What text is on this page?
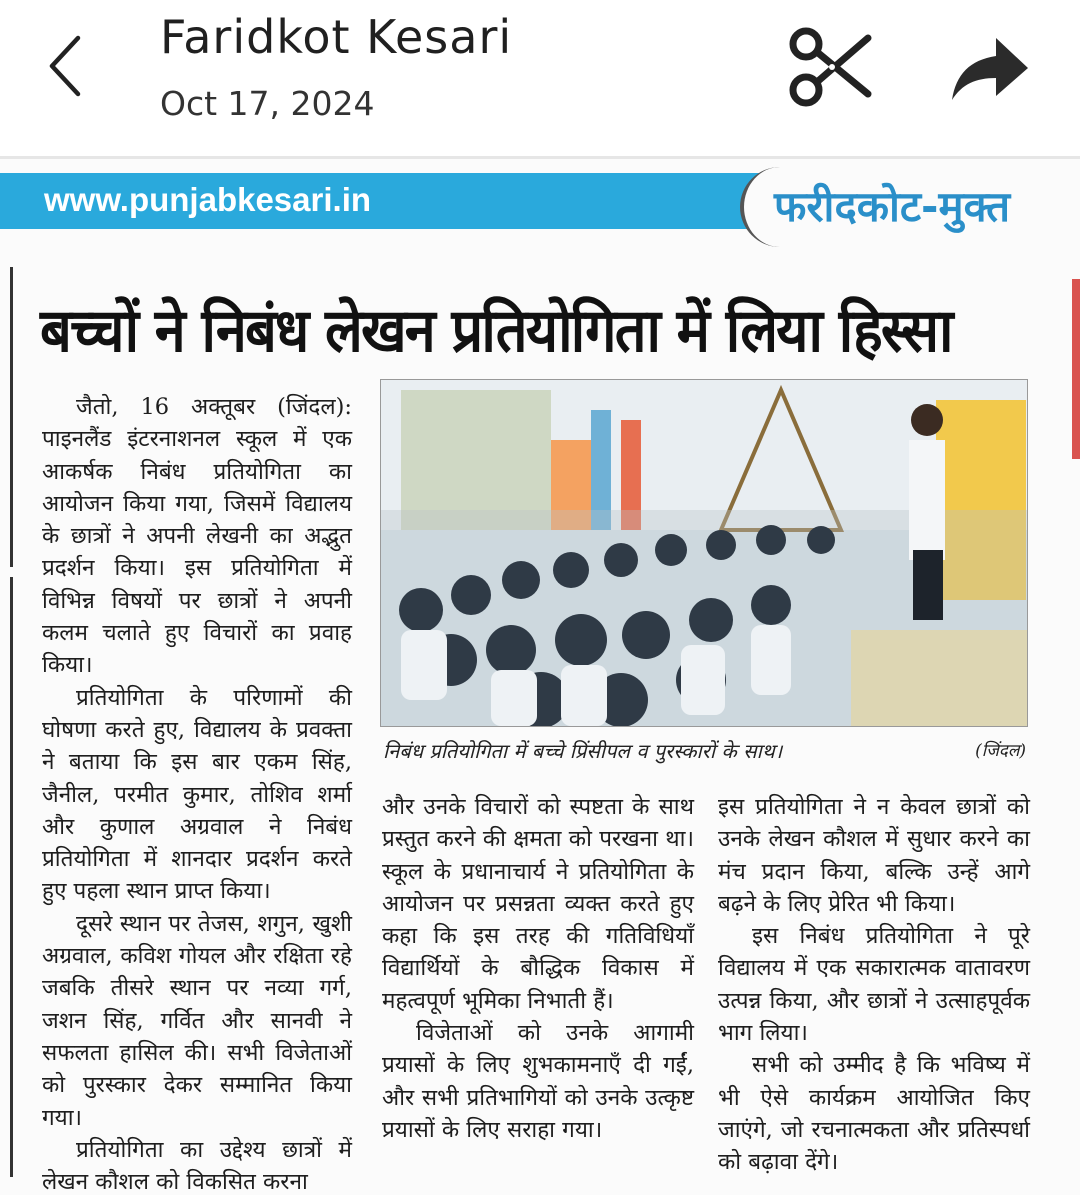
Faridkot Kesari
Oct 17, 2024
www.punjabkesari.in	फरीदकोट-मुक्त
बच्चों ने निबंध लेखन प्रतियोगिता में लिया हिस्सा

जैतो, 16 अक्तूबर (जिंदल): पाइनलैंड इंटरनाशनल स्कूल में एक आकर्षक निबंध प्रतियोगिता का आयोजन किया गया, जिसमें विद्यालय के छात्रों ने अपनी लेखनी का अद्भुत प्रदर्शन किया। इस प्रतियोगिता में विभिन्न विषयों पर छात्रों ने अपनी कलम चलाते हुए विचारों का प्रवाह किया।

प्रतियोगिता के परिणामों की घोषणा करते हुए, विद्यालय के प्रवक्ता ने बताया कि इस बार एकम सिंह, जैनील, परमीत कुमार, तोशिव शर्मा और कुणाल अग्रवाल ने निबंध प्रतियोगिता में शानदार प्रदर्शन करते हुए पहला स्थान प्राप्त किया।

दूसरे स्थान पर तेजस, शगुन, खुशी अग्रवाल, कविश गोयल और रक्षिता रहे जबकि तीसरे स्थान पर नव्या गर्ग, जशन सिंह, गर्वित और सानवी ने सफलता हासिल की। सभी विजेताओं को पुरस्कार देकर सम्मानित किया गया।

प्रतियोगिता का उद्देश्य छात्रों में लेखन कौशल को विकसित करना

निबंध प्रतियोगिता में बच्चे प्रिंसीपल व पुरस्कारों के साथ।	(जिंदल)

और उनके विचारों को स्पष्टता के साथ प्रस्तुत करने की क्षमता को परखना था। स्कूल के प्रधानाचार्य ने प्रतियोगिता के आयोजन पर प्रसन्नता व्यक्त करते हुए कहा कि इस तरह की गतिविधियाँ विद्यार्थियों के बौद्धिक विकास में महत्वपूर्ण भूमिका निभाती हैं।

विजेताओं को उनके आगामी प्रयासों के लिए शुभकामनाएँ दी गईं, और सभी प्रतिभागियों को उनके उत्कृष्ट प्रयासों के लिए सराहा गया।

इस प्रतियोगिता ने न केवल छात्रों को उनके लेखन कौशल में सुधार करने का मंच प्रदान किया, बल्कि उन्हें आगे बढ़ने के लिए प्रेरित भी किया।

इस निबंध प्रतियोगिता ने पूरे विद्यालय में एक सकारात्मक वातावरण उत्पन्न किया, और छात्रों ने उत्साहपूर्वक भाग लिया।

सभी को उम्मीद है कि भविष्य में भी ऐसे कार्यक्रम आयोजित किए जाएंगे, जो रचनात्मकता और प्रतिस्पर्धा को बढ़ावा देंगे।
